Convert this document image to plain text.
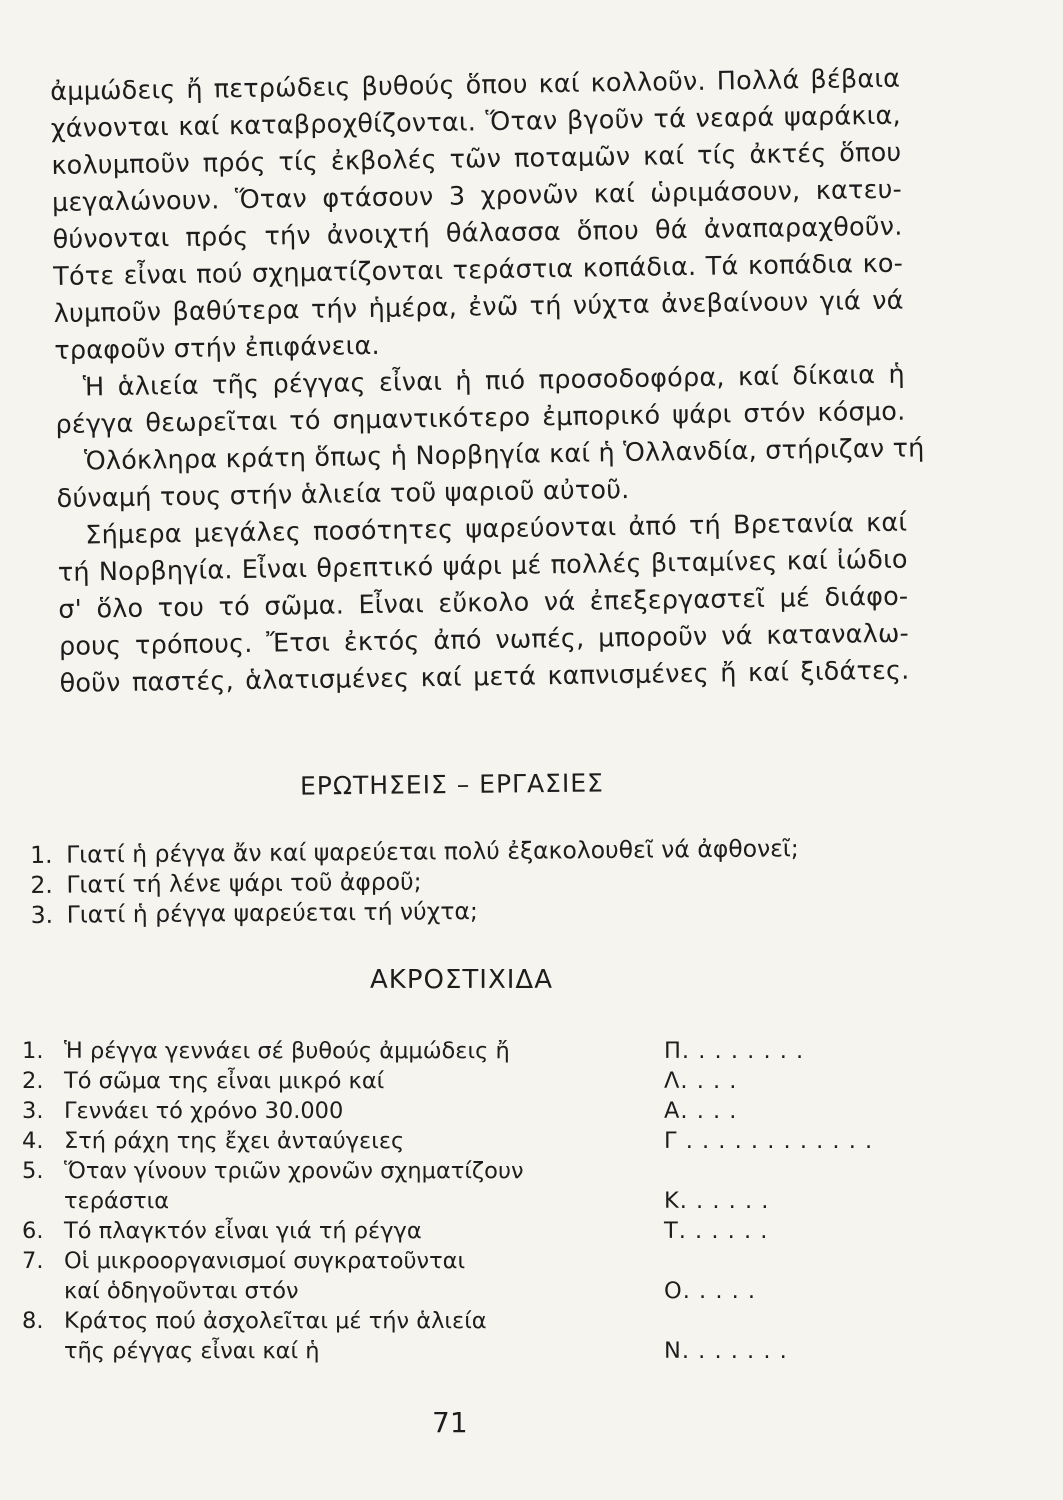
ἀμμώδεις ἤ πετρώδεις βυθούς ὅπου καί κολλοῦν. Πολλά βέβαια
χάνονται καί καταβροχθίζονται. Ὅταν βγοῦν τά νεαρά ψαράκια,
κολυμποῦν πρός τίς ἐκβολές τῶν ποταμῶν καί τίς ἀκτές ὅπου
μεγαλώνουν. Ὅταν φτάσουν 3 χρονῶν καί ὡριμάσουν, κατευ-
θύνονται πρός τήν ἀνοιχτή θάλασσα ὅπου θά ἀναπαραχθοῦν.
Τότε εἶναι πού σχηματίζονται τεράστια κοπάδια. Τά κοπάδια κο-
λυμποῦν βαθύτερα τήν ἡμέρα, ἐνῶ τή νύχτα ἀνεβαίνουν γιά νά
τραφοῦν στήν ἐπιφάνεια.
Ἡ ἁλιεία τῆς ρέγγας εἶναι ἡ πιό προσοδοφόρα, καί δίκαια ἡ
ρέγγα θεωρεῖται τό σημαντικότερο ἐμπορικό ψάρι στόν κόσμο.
Ὁλόκληρα κράτη ὅπως ἡ Νορβηγία καί ἡ Ὁλλανδία, στήριζαν τή
δύναμή τους στήν ἁλιεία τοῦ ψαριοῦ αὐτοῦ.
Σήμερα μεγάλες ποσότητες ψαρεύονται ἀπό τή Βρετανία καί
τή Νορβηγία. Εἶναι θρεπτικό ψάρι μέ πολλές βιταμίνες καί ἰώδιο
σ' ὅλο του τό σῶμα. Εἶναι εὔκολο νά ἐπεξεργαστεῖ μέ διάφο-
ρους τρόπους. Ἔτσι ἐκτός ἀπό νωπές, μποροῦν νά καταναλω-
θοῦν παστές, ἁλατισμένες καί μετά καπνισμένες ἤ καί ξιδάτες.
ΕΡΩΤΗΣΕΙΣ – ΕΡΓΑΣΙΕΣ
1. Γιατί ἡ ρέγγα ἄν καί ψαρεύεται πολύ ἐξακολουθεῖ νά ἀφθονεῖ;
2. Γιατί τή λένε ψάρι τοῦ ἀφροῦ;
3. Γιατί ἡ ρέγγα ψαρεύεται τή νύχτα;
ΑΚΡΟΣΤΙΧΙΔΑ
1. Ἡ ρέγγα γεννάει σέ βυθούς ἀμμώδεις ἤ	Π. . . . . . . .
2. Τό σῶμα της εἶναι μικρό καί	Λ. . . .
3. Γεννάει τό χρόνο 30.000	Α. . . .
4. Στή ράχη της ἔχει ἀνταύγειες	Γ . . . . . . . . . . . .
5. Ὅταν γίνουν τριῶν χρονῶν σχηματίζουν
τεράστια	Κ. . . . . .
6. Τό πλαγκτόν εἶναι γιά τή ρέγγα	Τ. . . . . .
7. Οἱ μικροοργανισμοί συγκρατοῦνται
καί ὁδηγοῦνται στόν	Ο. . . . .
8. Κράτος πού ἀσχολεῖται μέ τήν ἁλιεία
τῆς ρέγγας εἶναι καί ἡ	Ν. . . . . . .
71
